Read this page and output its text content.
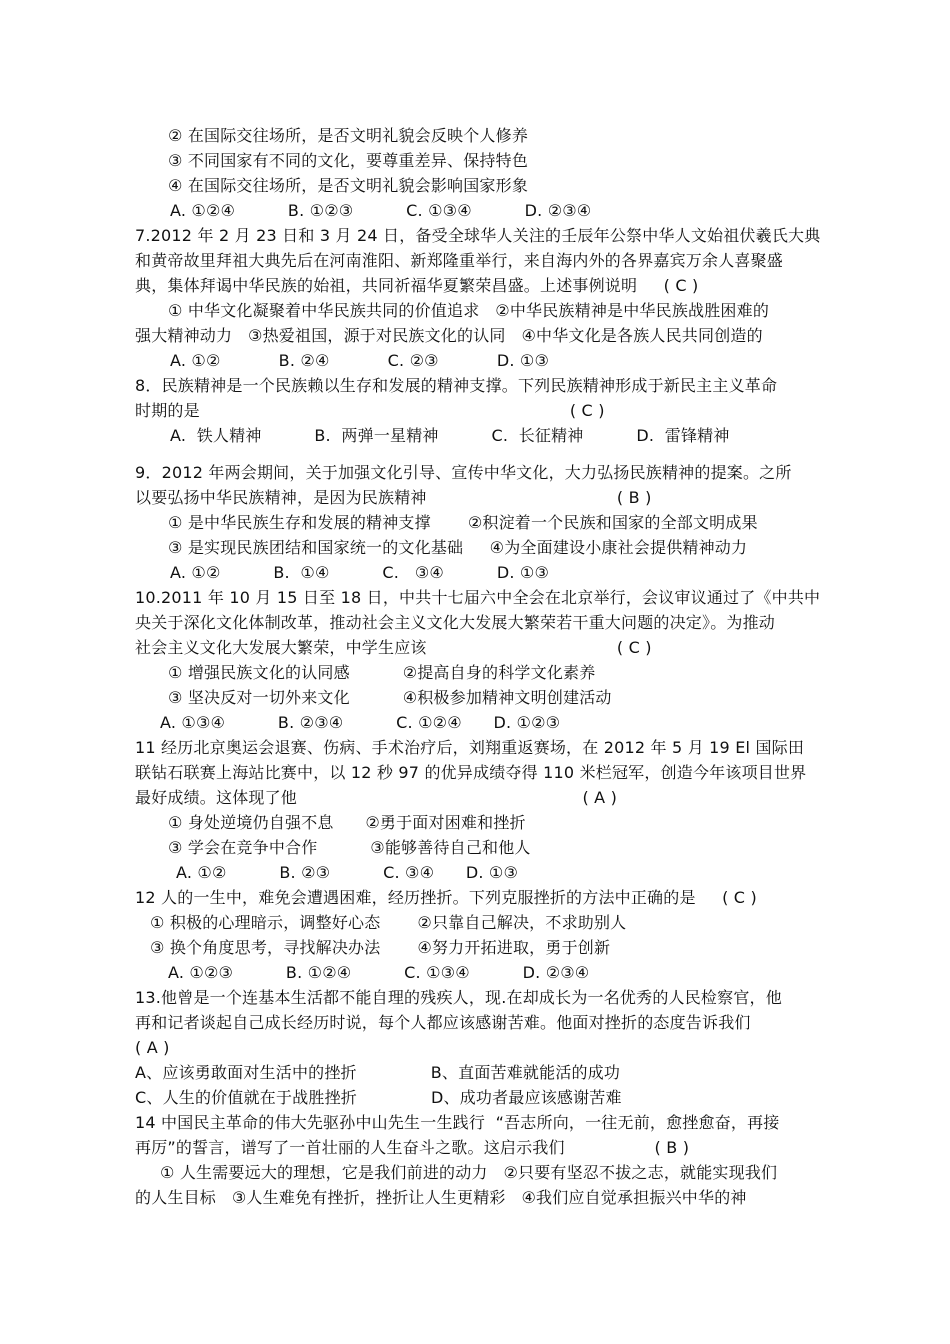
② 在国际交往场所，是否文明礼貌会反映个人修养
③ 不同国家有不同的文化，要尊重差异、保持特色
④ 在国际交往场所，是否文明礼貌会影响国家形象
A. ①②④          B. ①②③          C. ①③④          D. ②③④
7.2012 年 2 月 23 日和 3 月 24 日，备受全球华人关注的壬辰年公祭中华人文始祖伏羲氏大典
和黄帝故里拜祖大典先后在河南淮阳、新郑隆重举行，来自海内外的各界嘉宾万余人喜聚盛
典，集体拜谒中华民族的始祖，共同祈福华夏繁荣昌盛。上述事例说明     ( C )
① 中华文化凝聚着中华民族共同的价值追求   ②中华民族精神是中华民族战胜困难的
强大精神动力   ③热爱祖国，源于对民族文化的认同   ④中华文化是各族人民共同创造的
A. ①②           B. ②④           C. ②③           D. ①③
8．民族精神是一个民族赖以生存和发展的精神支撑。下列民族精神形成于新民主主义革命
时期的是                                                                      ( C )
A.  铁人精神          B.  两弹一星精神          C.  长征精神          D.  雷锋精神
9．2012 年两会期间，关于加强文化引导、宣传中华文化，大力弘扬民族精神的提案。之所
以要弘扬中华民族精神，是因为民族精神                                    ( B )
① 是中华民族生存和发展的精神支撑       ②积淀着一个民族和国家的全部文明成果
③ 是实现民族团结和国家统一的文化基础     ④为全面建设小康社会提供精神动力
A. ①②          B.  ①④          C.   ③④          D. ①③
10.2011 年 10 月 15 日至 18 日，中共十七届六中全会在北京举行，会议审议通过了《中共中
央关于深化文化体制改革，推动社会主义文化大发展大繁荣若干重大问题的决定》。为推动
社会主义文化大发展大繁荣，中学生应该                                    ( C )
① 增强民族文化的认同感          ②提高自身的科学文化素养
③ 坚决反对一切外来文化          ④积极参加精神文明创建活动
A. ①③④          B. ②③④          C. ①②④      D. ①②③
11 经历北京奥运会退赛、伤病、手术治疗后，刘翔重返赛场，在 2012 年 5 月 19 El 国际田
联钻石联赛上海站比赛中，以 12 秒 97 的优异成绩夺得 110 米栏冠军，创造今年该项目世界
最好成绩。这体现了他                                                      ( A )
① 身处逆境仍自强不息      ②勇于面对困难和挫折
③ 学会在竞争中合作          ③能够善待自己和他人
A. ①②          B. ②③          C. ③④      D. ①③
12 人的一生中，难免会遭遇困难，经历挫折。下列克服挫折的方法中正确的是     ( C )
① 积极的心理暗示，调整好心态       ②只靠自己解决，不求助别人
③ 换个角度思考，寻找解决办法       ④努力开拓进取，勇于创新
A. ①②③          B. ①②④          C. ①③④          D. ②③④
13.他曾是一个连基本生活都不能自理的残疾人，现.在却成长为一名优秀的人民检察官，他
再和记者谈起自己成长经历时说，每个人都应该感谢苦难。他面对挫折的态度告诉我们
( A )
A、应该勇敢面对生活中的挫折              B、直面苦难就能活的成功
C、人生的价值就在于战胜挫折              D、成功者最应该感谢苦难
14 中国民主革命的伟大先驱孙中山先生一生践行  “吾志所向，一往无前，愈挫愈奋，再接
再厉”的誓言，谱写了一首壮丽的人生奋斗之歌。这启示我们                 ( B )
① 人生需要远大的理想，它是我们前进的动力   ②只要有坚忍不拔之志，就能实现我们
的人生目标   ③人生难免有挫折，挫折让人生更精彩   ④我们应自觉承担振兴中华的神
